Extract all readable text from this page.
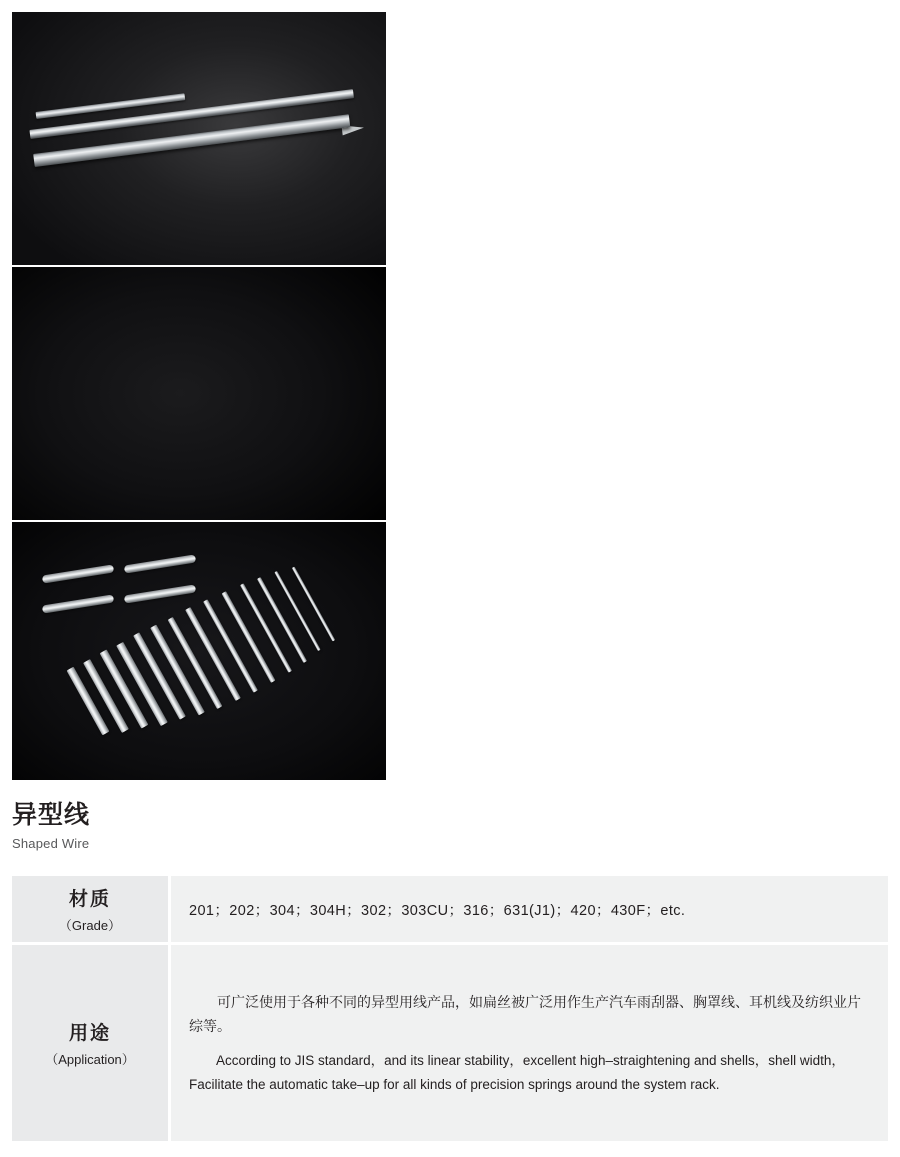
异型线
Shaped Wire
材质
（Grade）
201；202；304；304H；302；303CU；316；631(J1)；420；430F；etc.
用途
（Application）

可广泛使用于各种不同的异型用线产品，如扁丝被广泛用作生产汽车雨刮器、胸罩线、耳机线及纺织业片综等。

According to JIS standard，and its linear stability，excellent high–straightening and shells，shell width，Facilitate the automatic take–up for all kinds of precision springs around the system rack.
